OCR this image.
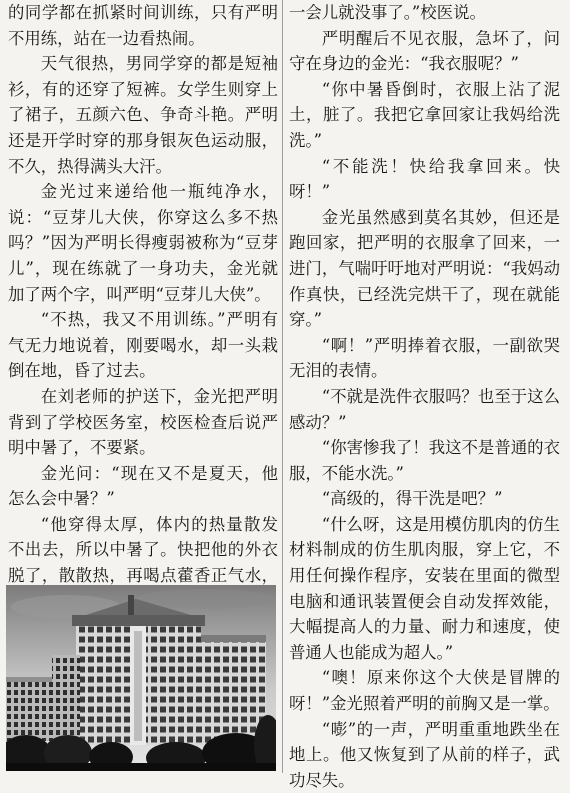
的同学都在抓紧时间训练，只有严明不用练，站在一边看热闹。

天气很热，男同学穿的都是短袖衫，有的还穿了短裤。女学生则穿上了裙子，五颜六色、争奇斗艳。严明还是开学时穿的那身银灰色运动服，不久，热得满头大汗。

金光过来递给他一瓶纯净水，说：“豆芽儿大侠，你穿这么多不热吗？”因为严明长得瘦弱被称为“豆芽儿”，现在练就了一身功夫，金光就加了两个字，叫严明“豆芽儿大侠”。

“不热，我又不用训练。”严明有气无力地说着，刚要喝水，却一头栽倒在地，昏了过去。

在刘老师的护送下，金光把严明背到了学校医务室，校医检查后说严明中暑了，不要紧。

金光问：“现在又不是夏天，他怎么会中暑？”

“他穿得太厚，体内的热量散发不出去，所以中暑了。快把他的外衣脱了，散散热，再喝点藿香正气水，

一会儿就没事了。”校医说。

严明醒后不见衣服，急坏了，问守在身边的金光：“我衣服呢？”

“你中暑昏倒时，衣服上沾了泥土，脏了。我把它拿回家让我妈给洗洗。”

“不能洗！快给我拿回来。快呀！”

金光虽然感到莫名其妙，但还是跑回家，把严明的衣服拿了回来，一进门，气喘吁吁地对严明说：“我妈动作真快，已经洗完烘干了，现在就能穿。”

“啊！”严明捧着衣服，一副欲哭无泪的表情。

“不就是洗件衣服吗？也至于这么感动？”

“你害惨我了！我这不是普通的衣服，不能水洗。”

“高级的，得干洗是吧？”

“什么呀，这是用模仿肌肉的仿生材料制成的仿生肌肉服，穿上它，不用任何操作程序，安装在里面的微型电脑和通讯装置便会自动发挥效能，大幅提高人的力量、耐力和速度，使普通人也能成为超人。”

“噢！原来你这个大侠是冒牌的呀！”金光照着严明的前胸又是一掌。

“嘭”的一声，严明重重地跌坐在地上。他又恢复到了从前的样子，武功尽失。
